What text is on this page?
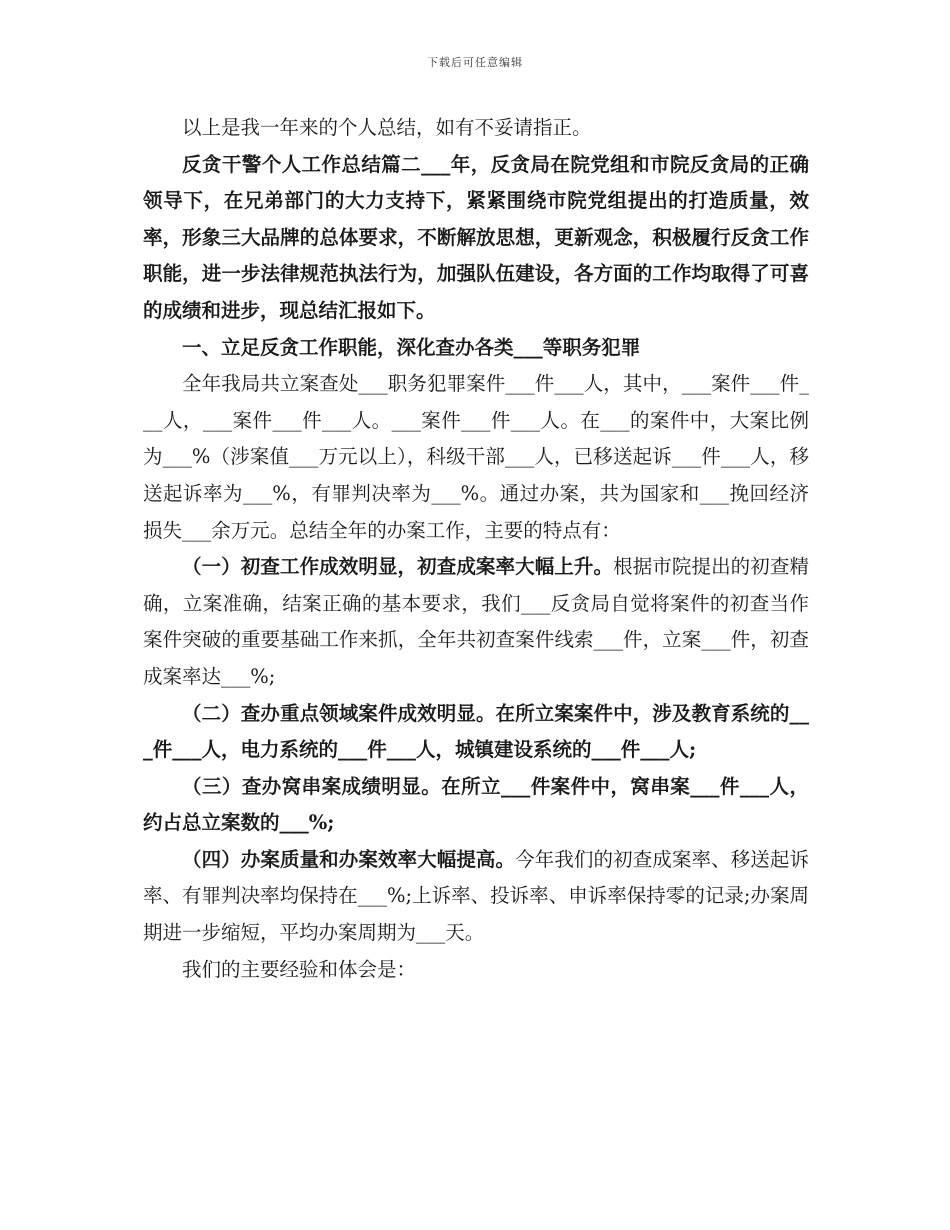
下载后可任意编辑

以上是我一年来的个人总结，如有不妥请指正。

反贪干警个人工作总结篇二___年，反贪局在院党组和市院反贪局的正确领导下，在兄弟部门的大力支持下，紧紧围绕市院党组提出的打造质量，效率，形象三大品牌的总体要求，不断解放思想，更新观念，积极履行反贪工作职能，进一步法律规范执法行为，加强队伍建设，各方面的工作均取得了可喜的成绩和进步，现总结汇报如下。

一、立足反贪工作职能，深化查办各类___等职务犯罪

全年我局共立案查处___职务犯罪案件___件___人，其中，___案件___件___人，___案件___件___人。___案件___件___人。在___的案件中，大案比例为___%（涉案值___万元以上），科级干部___人，已移送起诉___件___人，移送起诉率为___%，有罪判决率为___%。通过办案，共为国家和___挽回经济损失___余万元。总结全年的办案工作，主要的特点有：

（一）初查工作成效明显，初查成案率大幅上升。根据市院提出的初查精确，立案准确，结案正确的基本要求，我们___反贪局自觉将案件的初查当作案件突破的重要基础工作来抓，全年共初查案件线索___件，立案___件，初查成案率达___%;

（二）查办重点领域案件成效明显。在所立案案件中，涉及教育系统的___件___人，电力系统的___件___人，城镇建设系统的___件___人;

（三）查办窝串案成绩明显。在所立___件案件中，窝串案___件___人，约占总立案数的___%;

（四）办案质量和办案效率大幅提高。今年我们的初查成案率、移送起诉率、有罪判决率均保持在___%;上诉率、投诉率、申诉率保持零的记录;办案周期进一步缩短，平均办案周期为___天。

我们的主要经验和体会是：
